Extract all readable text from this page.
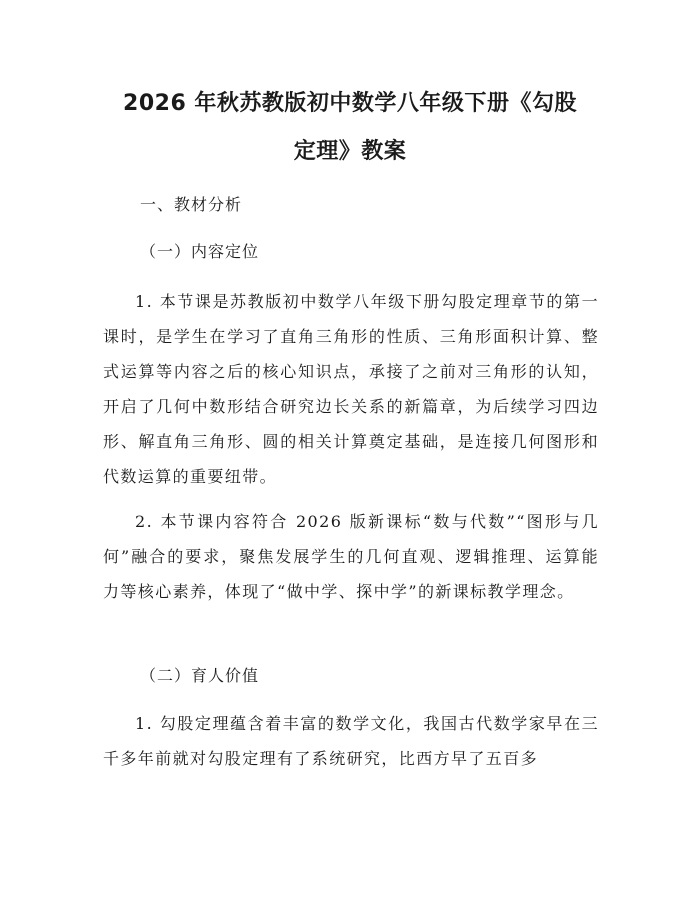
2026 年秋苏教版初中数学八年级下册《勾股
定理》教案

一、教材分析

（一）内容定位

1. 本节课是苏教版初中数学八年级下册勾股定理章节的第一课时，是学生在学习了直角三角形的性质、三角形面积计算、整式运算等内容之后的核心知识点，承接了之前对三角形的认知，开启了几何中数形结合研究边长关系的新篇章，为后续学习四边形、解直角三角形、圆的相关计算奠定基础，是连接几何图形和代数运算的重要纽带。

2. 本节课内容符合 2026 版新课标“数与代数”“图形与几何”融合的要求，聚焦发展学生的几何直观、逻辑推理、运算能力等核心素养，体现了“做中学、探中学”的新课标教学理念。

（二）育人价值

1. 勾股定理蕴含着丰富的数学文化，我国古代数学家早在三千多年前就对勾股定理有了系统研究，比西方早了五百多
